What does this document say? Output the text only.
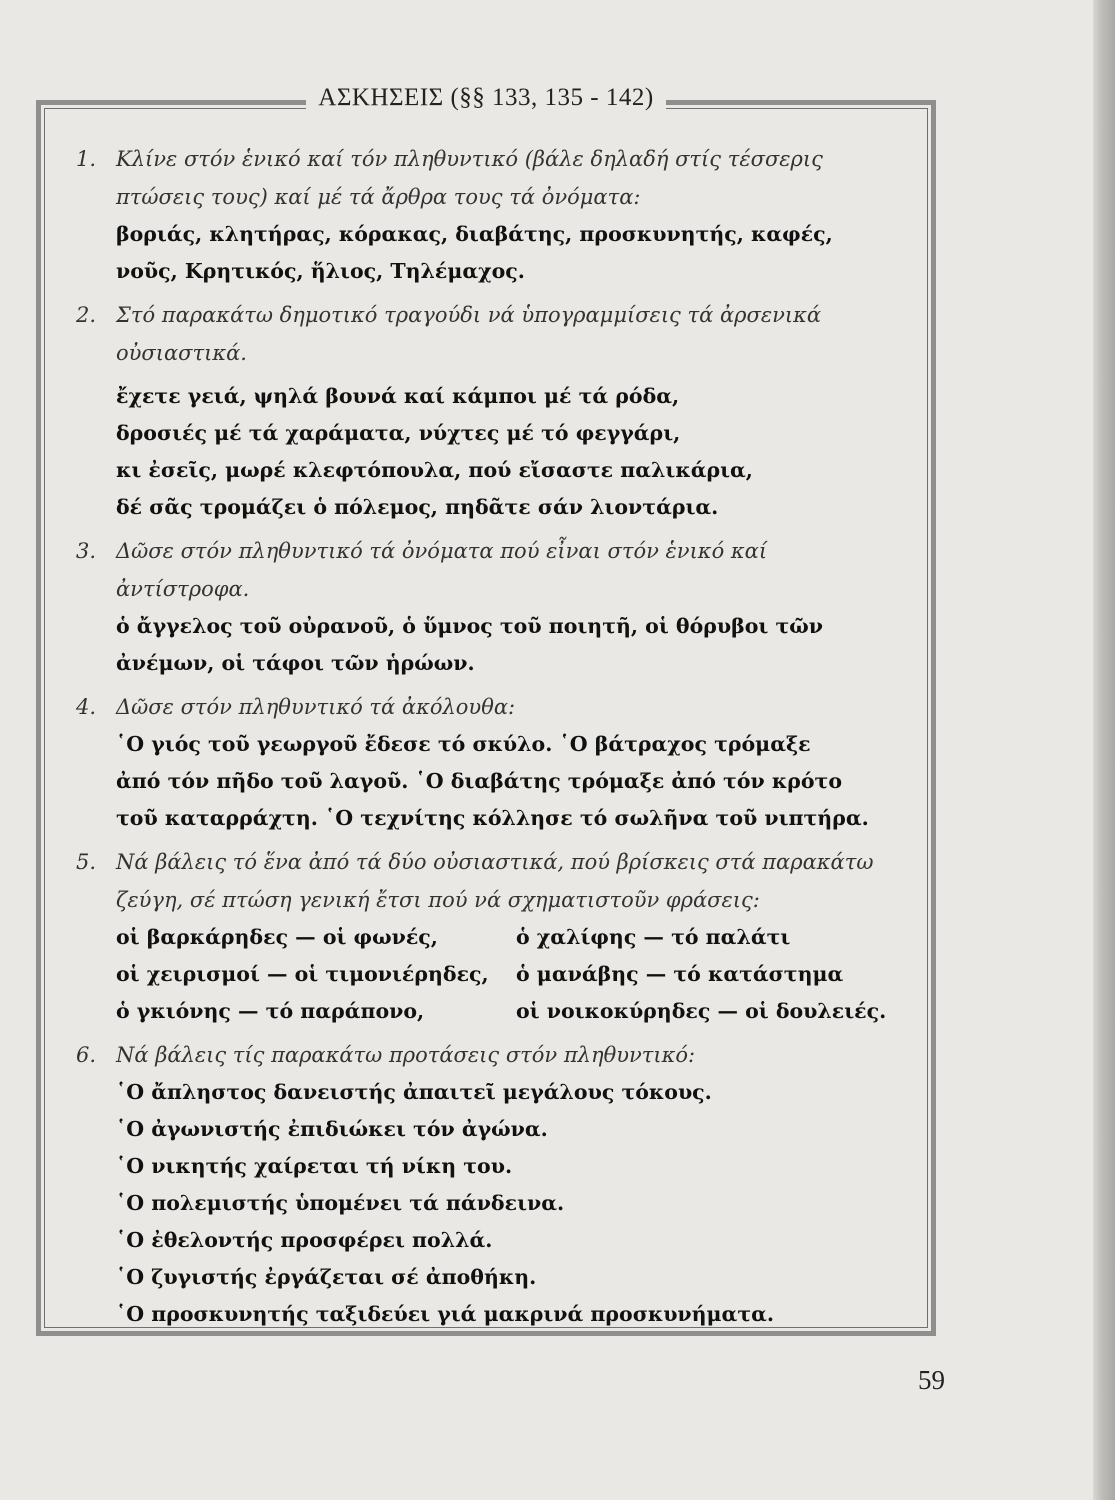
ΑΣΚΗΣΕΙΣ (§§ 133, 135 - 142)
1. Κλίνε στόν ἑνικό καί τόν πληθυντικό (βάλε δηλαδή στίς τέσσερις πτώσεις τους) καί μέ τά ἄρθρα τους τά ὀνόματα:
βοριάς, κλητήρας, κόρακας, διαβάτης, προσκυνητής, καφές,
νοῦς, Κρητικός, ἥλιος, Τηλέμαχος.
2. Στό παρακάτω δημοτικό τραγούδι νά ὑπογραμμίσεις τά ἀρσενικά οὐσιαστικά.
ἔχετε γειά, ψηλά βουνά καί κάμποι μέ τά ρόδα,
δροσιές μέ τά χαράματα, νύχτες μέ τό φεγγάρι,
κι ἐσεῖς, μωρέ κλεφτόπουλα, πού εἴσαστε παλικάρια,
δέ σᾶς τρομάζει ὁ πόλεμος, πηδᾶτε σάν λιοντάρια.
3. Δῶσε στόν πληθυντικό τά ὀνόματα πού εἶναι στόν ἑνικό καί ἀντίστροφα.
ὁ ἄγγελος τοῦ οὐρανοῦ, ὁ ὕμνος τοῦ ποιητῆ, οἱ θόρυβοι τῶν
ἀνέμων, οἱ τάφοι τῶν ἡρώων.
4. Δῶσε στόν πληθυντικό τά ἀκόλουθα:
῾Ο γιός τοῦ γεωργοῦ ἔδεσε τό σκύλο. ῾Ο βάτραχος τρόμαξε
ἀπό τόν πῆδο τοῦ λαγοῦ. ῾Ο διαβάτης τρόμαξε ἀπό τόν κρότο
τοῦ καταρράχτη. ῾Ο τεχνίτης κόλλησε τό σωλῆνα τοῦ νιπτήρα.
5. Νά βάλεις τό ἕνα ἀπό τά δύο οὐσιαστικά, πού βρίσκεις στά παρακάτω ζεύγη, σέ πτώση γενική ἔτσι πού νά σχηματιστοῦν φράσεις:
οἱ βαρκάρηδες — οἱ φωνές,	ὁ χαλίφης — τό παλάτι
οἱ χειρισμοί — οἱ τιμονιέρηδες,	ὁ μανάβης — τό κατάστημα
ὁ γκιόνης — τό παράπονο,	οἱ νοικοκύρηδες — οἱ δουλειές.
6. Νά βάλεις τίς παρακάτω προτάσεις στόν πληθυντικό:
῾Ο ἄπληστος δανειστής ἀπαιτεῖ μεγάλους τόκους.
῾Ο ἀγωνιστής ἐπιδιώκει τόν ἀγώνα.
῾Ο νικητής χαίρεται τή νίκη του.
῾Ο πολεμιστής ὑπομένει τά πάνδεινα.
῾Ο ἐθελοντής προσφέρει πολλά.
῾Ο ζυγιστής ἐργάζεται σέ ἀποθήκη.
῾Ο προσκυνητής ταξιδεύει γιά μακρινά προσκυνήματα.
59
